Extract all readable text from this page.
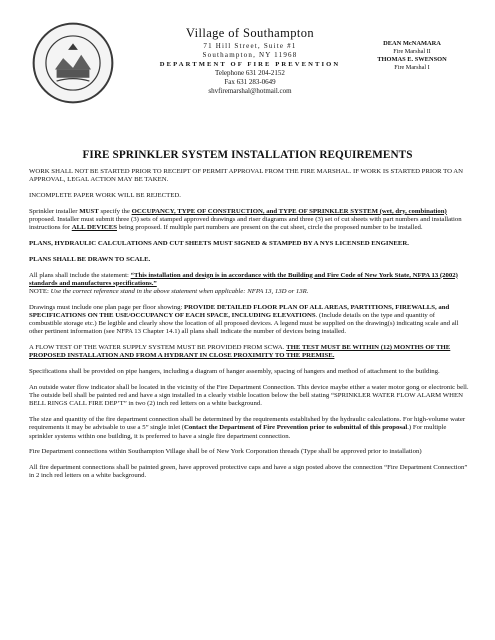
Village of Southampton
71 Hill Street, Suite #1
Southampton, NY 11968
DEPARTMENT OF FIRE PREVENTION
Telephone 631 204-2152
Fax 631 283-0649
shvfiremarshal@hotmail.com
DEAN McNAMARA
Fire Marshal II
THOMAS E. SWENSON
Fire Marshal I
FIRE SPRINKLER SYSTEM INSTALLATION REQUIREMENTS

WORK SHALL NOT BE STARTED PRIOR TO RECEIPT OF PERMIT APPROVAL FROM THE FIRE MARSHAL. IF WORK IS STARTED PRIOR TO AN APPROVAL, LEGAL ACTION MAY BE TAKEN.

INCOMPLETE PAPER WORK WILL BE REJECTED.

Sprinkler installer MUST specify the OCCUPANCY, TYPE OF CONSTRUCTION, and TYPE OF SPRINKLER SYSTEM (wet, dry, combination) proposed. Installer must submit three (3) sets of stamped approved drawings and riser diagrams and three (3) set of cut sheets with part numbers and installation instructions for ALL DEVICES being proposed. If multiple part numbers are present on the cut sheet, circle the proposed number to be installed.

PLANS, HYDRAULIC CALCULATIONS AND CUT SHEETS MUST SIGNED & STAMPED BY A NYS LICENSED ENGINEER.

PLANS SHALL BE DRAWN TO SCALE.

All plans shall include the statement: “This installation and design is in accordance with the Building and Fire Code of New York State, NFPA 13 (2002) standards and manufactures specifications.”
NOTE: Use the correct reference stand in the above statement when applicable: NFPA 13, 13D or 13R.

Drawings must include one plan page per floor showing: PROVIDE DETAILED FLOOR PLAN OF ALL AREAS, PARTITIONS, FIREWALLS, and SPECIFICATIONS ON THE USE/OCCUPANCY OF EACH SPACE, INCLUDING ELEVATIONS. (Include details on the type and quantity of combustible storage etc.) Be legible and clearly show the location of all proposed devices. A legend must be supplied on the drawing(s) indicating scale and all other pertinent information (see NFPA 13 Chapter 14.1) all plans shall indicate the number of devices being installed.

A FLOW TEST OF THE WATER SUPPLY SYSTEM MUST BE PROVIDED FROM SCWA. THE TEST MUST BE WITHIN (12) MONTHS OF THE PROPOSED INSTALLATION AND FROM A HYDRANT IN CLOSE PROXIMITY TO THE PREMISE.

Specifications shall be provided on pipe hangers, including a diagram of hanger assembly, spacing of hangers and method of attachment to the building.

An outside water flow indicator shall be located in the vicinity of the Fire Department Connection. This device maybe either a water motor gong or electronic bell. The outside bell shall be painted red and have a sign installed in a clearly visible location below the bell stating “SPRINKLER WATER FLOW ALARM WHEN BELL RINGS CALL FIRE DEP’T” in two (2) inch red letters on a white background.

The size and quantity of the fire department connection shall be determined by the requirements established by the hydraulic calculations. For high-volume water requirements it may be advisable to use a 5” single inlet (Contact the Department of Fire Prevention prior to submittal of this proposal.) For multiple sprinkler systems within one building, it is preferred to have a single fire department connection.

Fire Department connections within Southampton Village shall be of New York Corporation threads (Type shall be approved prior to installation)

All fire department connections shall be painted green, have approved protective caps and have a sign posted above the connection “Fire Department Connection” in 2 inch red letters on a white background.
